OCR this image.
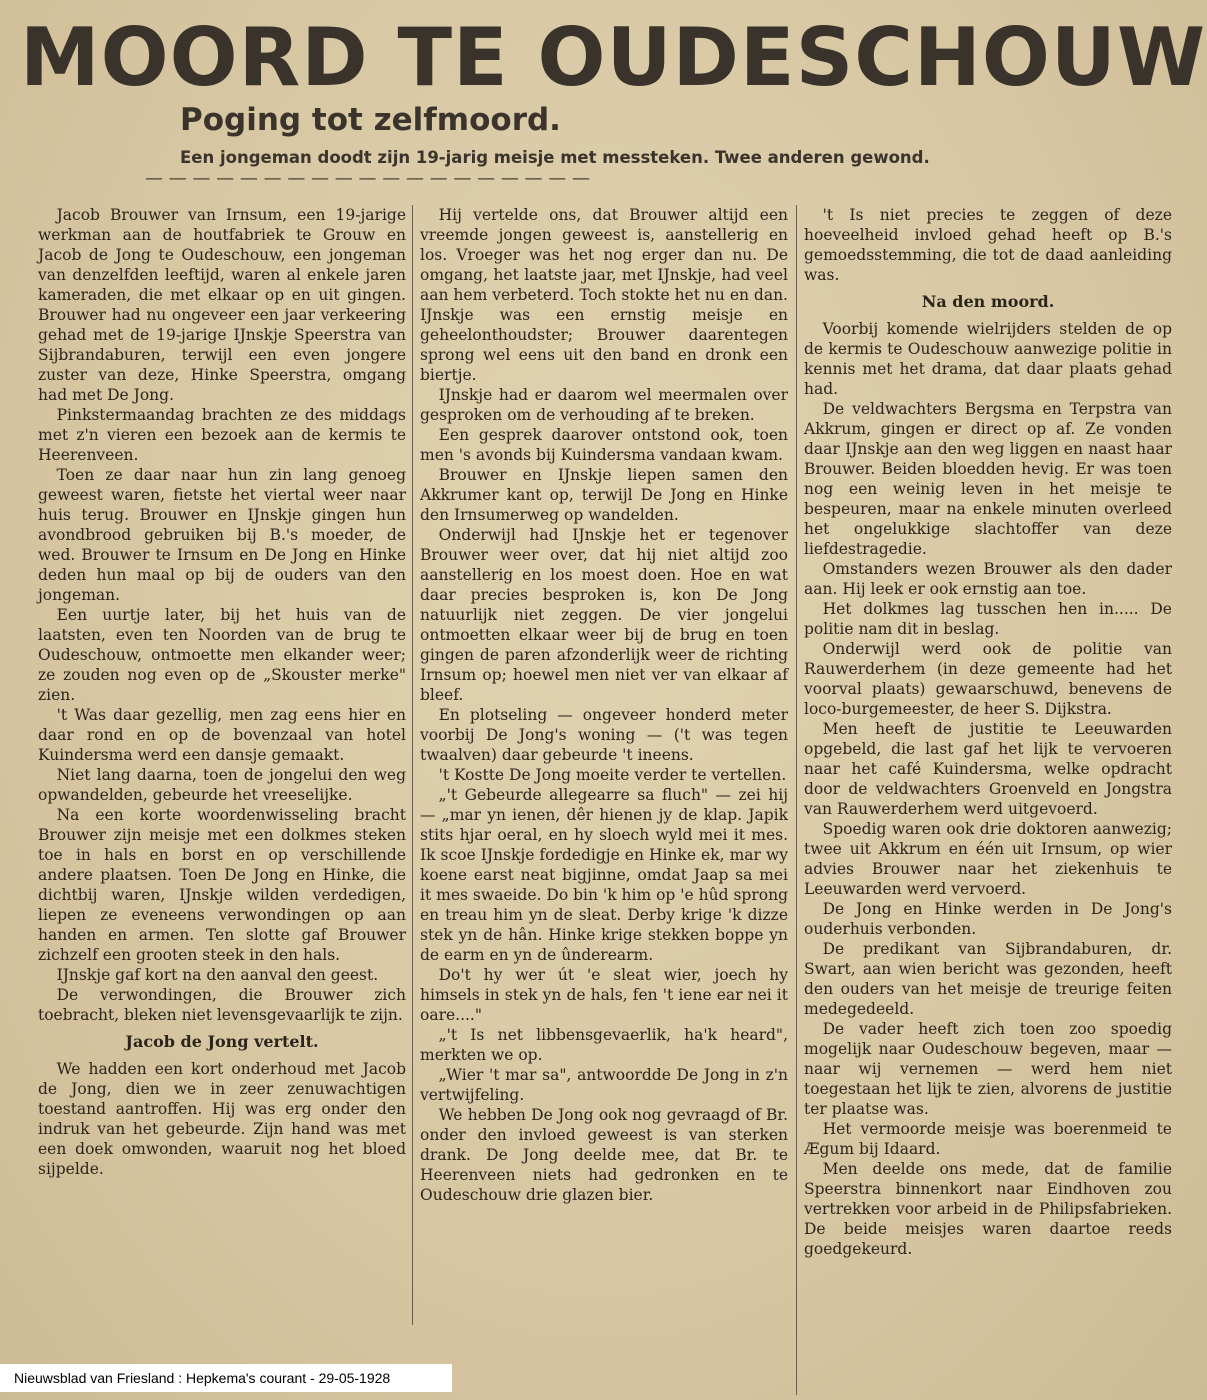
MOORD TE OUDESCHOUW
Poging tot zelfmoord.
Een jongeman doodt zijn 19-jarig meisje met messteken. Twee anderen gewond.
— — — — — — — — — — — — — — — — — — —

Jacob Brouwer van Irnsum, een 19-jarige werkman aan de houtfabriek te Grouw en Jacob de Jong te Oudeschouw, een jongeman van denzelfden leeftijd, waren al enkele jaren kameraden, die met elkaar op en uit gingen. Brouwer had nu ongeveer een jaar verkeering gehad met de 19-jarige IJnskje Speerstra van Sijbrandaburen, terwijl een even jongere zuster van deze, Hinke Speerstra, omgang had met De Jong.

Pinkstermaandag brachten ze des middags met z'n vieren een bezoek aan de kermis te Heerenveen.

Toen ze daar naar hun zin lang genoeg geweest waren, fietste het viertal weer naar huis terug. Brouwer en IJnskje gingen hun avondbrood gebruiken bij B.'s moeder, de wed. Brouwer te Irnsum en De Jong en Hinke deden hun maal op bij de ouders van den jongeman.

Een uurtje later, bij het huis van de laatsten, even ten Noorden van de brug te Oudeschouw, ontmoette men elkander weer; ze zouden nog even op de „Skouster merke" zien.

't Was daar gezellig, men zag eens hier en daar rond en op de bovenzaal van hotel Kuindersma werd een dansje gemaakt.

Niet lang daarna, toen de jongelui den weg opwandelden, gebeurde het vreeselijke.

Na een korte woordenwisseling bracht Brouwer zijn meisje met een dolkmes steken toe in hals en borst en op verschillende andere plaatsen. Toen De Jong en Hinke, die dichtbij waren, IJnskje wilden verdedigen, liepen ze eveneens verwondingen op aan handen en armen. Ten slotte gaf Brouwer zichzelf een grooten steek in den hals.

IJnskje gaf kort na den aanval den geest.

De verwondingen, die Brouwer zich toebracht, bleken niet levensgevaarlijk te zijn.

Jacob de Jong vertelt.

We hadden een kort onderhoud met Jacob de Jong, dien we in zeer zenuwachtigen toestand aantroffen. Hij was erg onder den indruk van het gebeurde. Zijn hand was met een doek omwonden, waaruit nog het bloed sijpelde.

Hij vertelde ons, dat Brouwer altijd een vreemde jongen geweest is, aanstellerig en los. Vroeger was het nog erger dan nu. De omgang, het laatste jaar, met IJnskje, had veel aan hem verbeterd. Toch stokte het nu en dan. IJnskje was een ernstig meisje en geheelonthoudster; Brouwer daarentegen sprong wel eens uit den band en dronk een biertje.

IJnskje had er daarom wel meermalen over gesproken om de verhouding af te breken.

Een gesprek daarover ontstond ook, toen men 's avonds bij Kuindersma vandaan kwam.

Brouwer en IJnskje liepen samen den Akkrumer kant op, terwijl De Jong en Hinke den Irnsumerweg op wandelden.

Onderwijl had IJnskje het er tegenover Brouwer weer over, dat hij niet altijd zoo aanstellerig en los moest doen. Hoe en wat daar precies besproken is, kon De Jong natuurlijk niet zeggen. De vier jongelui ontmoetten elkaar weer bij de brug en toen gingen de paren afzonderlijk weer de richting Irnsum op; hoewel men niet ver van elkaar af bleef.

En plotseling — ongeveer honderd meter voorbij De Jong's woning — ('t was tegen twaalven) daar gebeurde 't ineens.

't Kostte De Jong moeite verder te vertellen.

„'t Gebeurde allegearre sa fluch" — zei hij — „mar yn ienen, dêr hienen jy de klap. Japik stits hjar oeral, en hy sloech wyld mei it mes. Ik scoe IJnskje fordedigje en Hinke ek, mar wy koene earst neat bigjinne, omdat Jaap sa mei it mes swaeide. Do bin 'k him op 'e hûd sprong en treau him yn de sleat. Derby krige 'k dizze stek yn de hân. Hinke krige stekken boppe yn de earm en yn de ûnderearm.

Do't hy wer út 'e sleat wier, joech hy himsels in stek yn de hals, fen 't iene ear nei it oare...."

„'t Is net libbensgevaerlik, ha'k heard", merkten we op.

„Wier 't mar sa", antwoordde De Jong in z'n vertwijfeling.

We hebben De Jong ook nog gevraagd of Br. onder den invloed geweest is van sterken drank. De Jong deelde mee, dat Br. te Heerenveen niets had gedronken en te Oudeschouw drie glazen bier.

't Is niet precies te zeggen of deze hoeveelheid invloed gehad heeft op B.'s gemoedsstemming, die tot de daad aanleiding was.

Na den moord.

Voorbij komende wielrijders stelden de op de kermis te Oudeschouw aanwezige politie in kennis met het drama, dat daar plaats gehad had.

De veldwachters Bergsma en Terpstra van Akkrum, gingen er direct op af. Ze vonden daar IJnskje aan den weg liggen en naast haar Brouwer. Beiden bloedden hevig. Er was toen nog een weinig leven in het meisje te bespeuren, maar na enkele minuten overleed het ongelukkige slachtoffer van deze liefdestragedie.

Omstanders wezen Brouwer als den dader aan. Hij leek er ook ernstig aan toe.

Het dolkmes lag tusschen hen in..... De politie nam dit in beslag.

Onderwijl werd ook de politie van Rauwerderhem (in deze gemeente had het voorval plaats) gewaarschuwd, benevens de loco-burgemeester, de heer S. Dijkstra.

Men heeft de justitie te Leeuwarden opgebeld, die last gaf het lijk te vervoeren naar het café Kuindersma, welke opdracht door de veldwachters Groenveld en Jongstra van Rauwerderhem werd uitgevoerd.

Spoedig waren ook drie doktoren aanwezig; twee uit Akkrum en één uit Irnsum, op wier advies Brouwer naar het ziekenhuis te Leeuwarden werd vervoerd.

De Jong en Hinke werden in De Jong's ouderhuis verbonden.

De predikant van Sijbrandaburen, dr. Swart, aan wien bericht was gezonden, heeft den ouders van het meisje de treurige feiten medegedeeld.

De vader heeft zich toen zoo spoedig mogelijk naar Oudeschouw begeven, maar — naar wij vernemen — werd hem niet toegestaan het lijk te zien, alvorens de justitie ter plaatse was.

Het vermoorde meisje was boerenmeid te Ægum bij Idaard.

Men deelde ons mede, dat de familie Speerstra binnenkort naar Eindhoven zou vertrekken voor arbeid in de Philipsfabrieken. De beide meisjes waren daartoe reeds goedgekeurd.

Nieuwsblad van Friesland : Hepkema's courant - 29-05-1928
